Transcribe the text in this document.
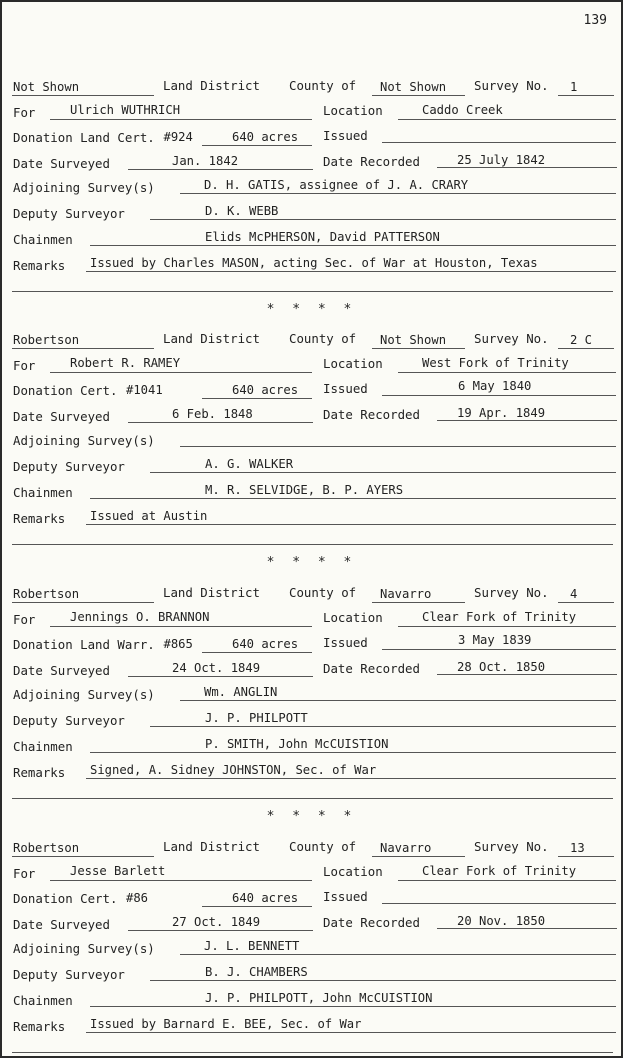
139
Not Shown	Land District County of Not Shown Survey No. 1
For	Ulrich WUTHRICH	Location	Caddo Creek
Donation Land Cert. #924	640 acres Issued
Date Surveyed	Jan. 1842	Date Recorded	25 July 1842
Adjoining Survey(s)	D. H. GATIS, assignee of J. A. CRARY
Deputy Surveyor	D. K. WEBB
Chainmen	Elids McPHERSON, David PATTERSON
Remarks Issued by Charles MASON, acting Sec. of War at Houston, Texas
* * * *
Robertson	Land District County of Not Shown Survey No. 2 C
For	Robert R. RAMEY	Location	West Fork of Trinity
Donation Cert. #1041	640 acres Issued	6 May 1840
Date Surveyed	6 Feb. 1848	Date Recorded	19 Apr. 1849
Adjoining Survey(s)
Deputy Surveyor	A. G. WALKER
Chainmen	M. R. SELVIDGE, B. P. AYERS
Remarks Issued at Austin
* * * *
Robertson	Land District County of Navarro	Survey No. 4
For	Jennings O. BRANNON	Location	Clear Fork of Trinity
Donation Land Warr. #865	640 acres Issued	3 May 1839
Date Surveyed	24 Oct. 1849	Date Recorded	28 Oct. 1850
Adjoining Survey(s)	Wm. ANGLIN
Deputy Surveyor	J. P. PHILPOTT
Chainmen	P. SMITH, John McCUISTION
Remarks Signed, A. Sidney JOHNSTON, Sec. of War
* * * *
Robertson	Land District County of Navarro	Survey No. 13
For	Jesse Barlett	Location	Clear Fork of Trinity
Donation Cert. #86	640 acres Issued
Date Surveyed	27 Oct. 1849	Date Recorded	20 Nov. 1850
Adjoining Survey(s)	J. L. BENNETT
Deputy Surveyor	B. J. CHAMBERS
Chainmen	J. P. PHILPOTT, John McCUISTION
Remarks Issued by Barnard E. BEE, Sec. of War
